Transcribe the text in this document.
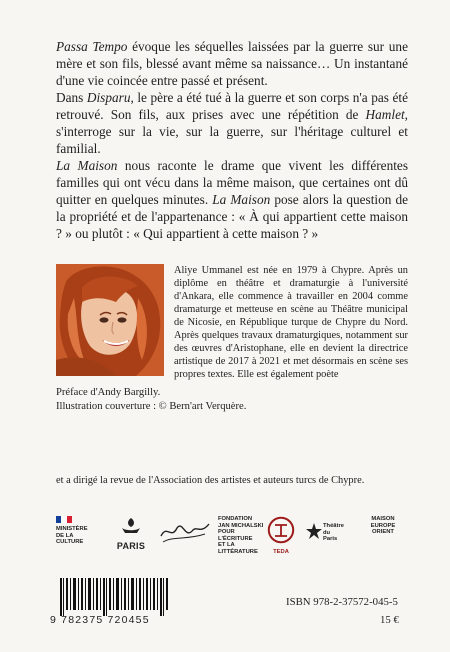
Passa Tempo évoque les séquelles laissées par la guerre sur une mère et son fils, blessé avant même sa naissance… Un instantané d'une vie coincée entre passé et présent.

Dans Disparu, le père a été tué à la guerre et son corps n'a pas été retrouvé. Son fils, aux prises avec une répétition de Hamlet, s'interroge sur la vie, sur la guerre, sur l'héritage culturel et familial.

La Maison nous raconte le drame que vivent les différentes familles qui ont vécu dans la même maison, que certaines ont dû quitter en quelques minutes. La Maison pose alors la question de la propriété et de l'appartenance : « À qui appartient cette maison ? » ou plutôt : « Qui appartient à cette maison ? »

Aliye Ummanel est née en 1979 à Chypre. Après un diplôme en théâtre et dramaturgie à l'université d'Ankara, elle commence à travailler en 2004 comme dramaturge et metteuse en scène au Théâtre municipal de Nicosie, en République turque de Chypre du Nord. Après quelques travaux dramaturgiques, notamment sur des œuvres d'Aristophane, elle en devient la directrice artistique de 2017 à 2021 et met désormais en scène ses propres textes. Elle est également poète
et a dirigé la revue de l'Association des artistes et auteurs turcs de Chypre.
Préface d'Andy Bargilly.
Illustration couverture : © Bern'art Verquère.
MINISTÈRE
DE LA CULTURE	PARIS
FONDATION
JAN MICHALSKI
POUR
L'ÉCRITURE
ET LA
LITTÉRATURE	TEDA
Théâtre
du
Paris
MAISON
EUROPE
ORIENT
9 782375 720455
ISBN 978-2-37572-045-5
15 €
